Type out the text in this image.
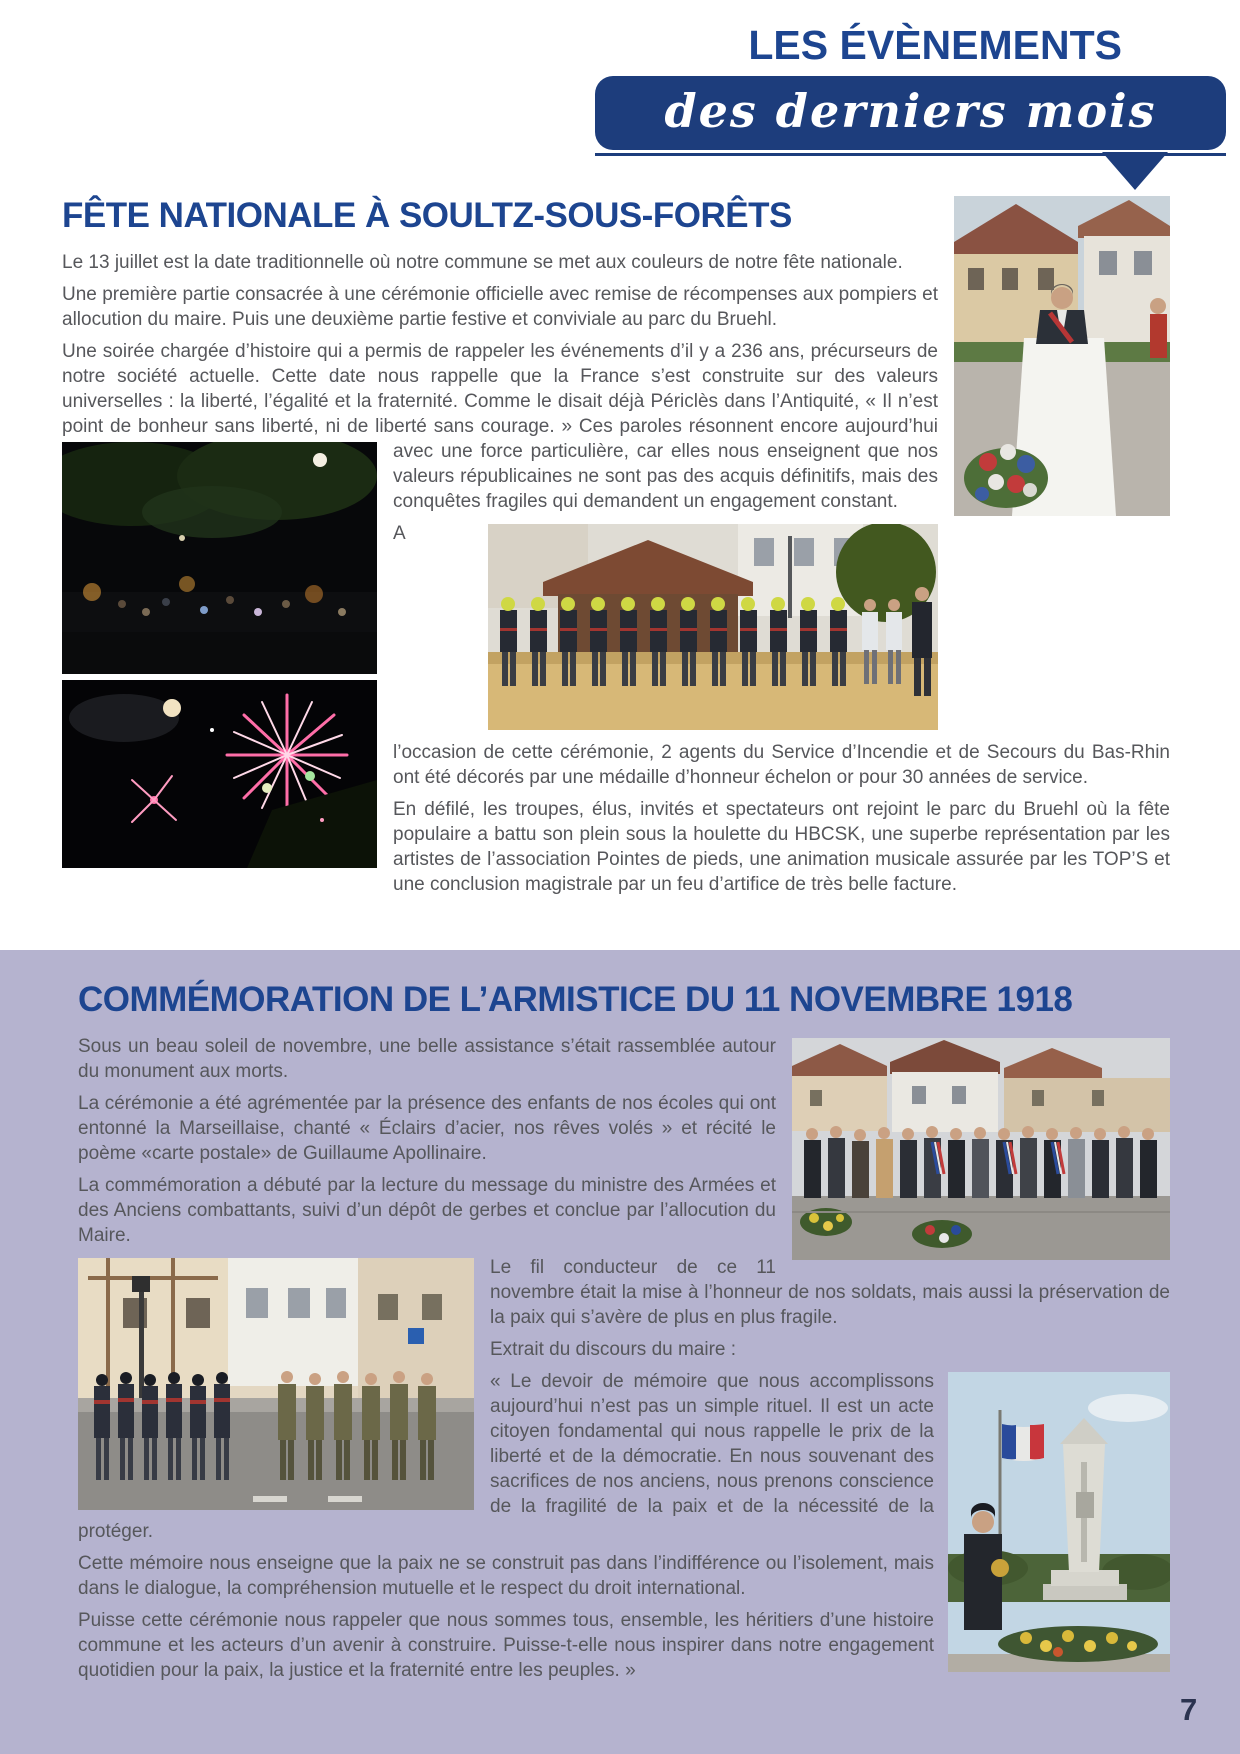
LES ÉVÈNEMENTS
des derniers mois
FÊTE NATIONALE À SOULTZ-SOUS-FORÊTS

Le 13 juillet est la date traditionnelle où notre commune se met aux couleurs de notre fête nationale.

Une première partie consacrée à une cérémonie officielle avec remise de récompenses aux pompiers et allocution du maire. Puis une deuxième partie festive et conviviale au parc du Bruehl.

Une soirée chargée d’histoire qui a permis de rappeler les événements d’il y a 236 ans, précurseurs de notre société actuelle. Cette date nous rappelle que la France s’est construite sur des valeurs universelles : la liberté, l’égalité et la fraternité. Comme le disait déjà Périclès dans l’Antiquité, « Il n’est point de bonheur sans liberté, ni de liberté sans courage. » Ces paroles résonnent encore aujourd’hui avec une force particulière, car elles nous enseignent que nos valeurs républicaines ne sont pas des acquis définitifs, mais des conquêtes fragiles qui demandent un engagement constant.

A l’occasion de cette cérémonie, 2 agents du Service d’Incendie et de Secours du Bas-Rhin ont été décorés par une médaille d’honneur échelon or pour 30 années de service.

En défilé, les troupes, élus, invités et spectateurs ont rejoint le parc du Bruehl où la fête populaire a battu son plein sous la houlette du HBCSK, une superbe représentation par les artistes de l’association Pointes de pieds, une animation musicale assurée par les TOP’S et une conclusion magistrale par un feu d’artifice de très belle facture.

COMMÉMORATION DE L’ARMISTICE DU 11 NOVEMBRE 1918

Sous un beau soleil de novembre, une belle assistance s’était rassemblée autour du monument aux morts.

La cérémonie a été agrémentée par la présence des enfants de nos écoles qui ont entonné la Marseillaise, chanté « Éclairs d’acier, nos rêves volés » et récité le poème «carte postale» de Guillaume Apollinaire.

La commémoration a débuté par la lecture du message du ministre des Armées et des Anciens combattants, suivi d’un dépôt de gerbes et conclue par l’allocution du Maire.

Le fil conducteur de ce 11 novembre était la mise à l’honneur de nos soldats, mais aussi la préservation de la paix qui s’avère de plus en plus fragile.

Extrait du discours du maire :

« Le devoir de mémoire que nous accomplissons aujourd’hui n’est pas un simple rituel. Il est un acte citoyen fondamental qui nous rappelle le prix de la liberté et de la démocratie. En nous souvenant des sacrifices de nos anciens, nous prenons conscience de la fragilité de la paix et de la nécessité de la protéger.

Cette mémoire nous enseigne que la paix ne se construit pas dans l’indifférence ou l’isolement, mais dans le dialogue, la compréhension mutuelle et le respect du droit international.

Puisse cette cérémonie nous rappeler que nous sommes tous, ensemble, les héritiers d’une histoire commune et les acteurs d’un avenir à construire. Puisse-t-elle nous inspirer dans notre engagement quotidien pour la paix, la justice et la fraternité entre les peuples. »

7
